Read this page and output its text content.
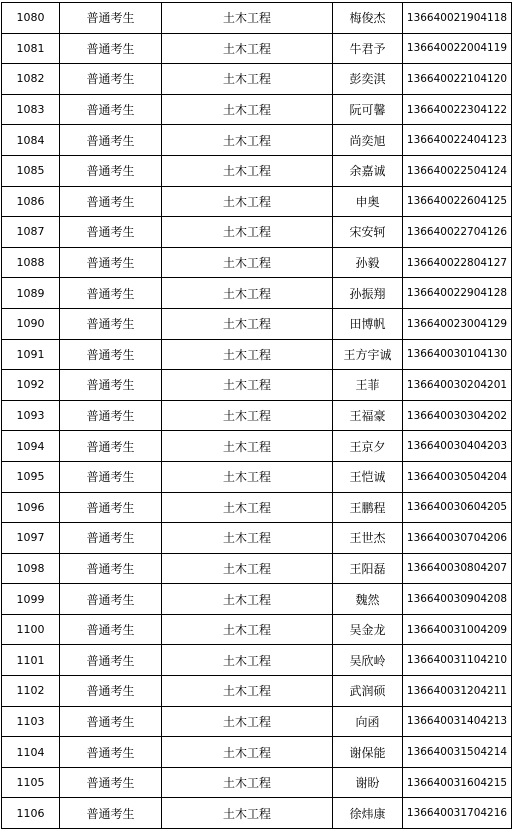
1080	普通考生	土木工程	梅俊杰	136640021904118
1081	普通考生	土木工程	牛君予	136640022004119
1082	普通考生	土木工程	彭奕淇	136640022104120
1083	普通考生	土木工程	阮可馨	136640022304122
1084	普通考生	土木工程	尚奕旭	136640022404123
1085	普通考生	土木工程	余嘉诚	136640022504124
1086	普通考生	土木工程	申奥	136640022604125
1087	普通考生	土木工程	宋安轲	136640022704126
1088	普通考生	土木工程	孙毅	136640022804127
1089	普通考生	土木工程	孙振翔	136640022904128
1090	普通考生	土木工程	田博帆	136640023004129
1091	普通考生	土木工程	王方宇诚	136640030104130
1092	普通考生	土木工程	王菲	136640030204201
1093	普通考生	土木工程	王福豪	136640030304202
1094	普通考生	土木工程	王京夕	136640030404203
1095	普通考生	土木工程	王恺诚	136640030504204
1096	普通考生	土木工程	王鹏程	136640030604205
1097	普通考生	土木工程	王世杰	136640030704206
1098	普通考生	土木工程	王阳磊	136640030804207
1099	普通考生	土木工程	魏然	136640030904208
1100	普通考生	土木工程	吴金龙	136640031004209
1101	普通考生	土木工程	吴欣岭	136640031104210
1102	普通考生	土木工程	武润硕	136640031204211
1103	普通考生	土木工程	向函	136640031404213
1104	普通考生	土木工程	谢保能	136640031504214
1105	普通考生	土木工程	谢盼	136640031604215
1106	普通考生	土木工程	徐炜康	136640031704216
